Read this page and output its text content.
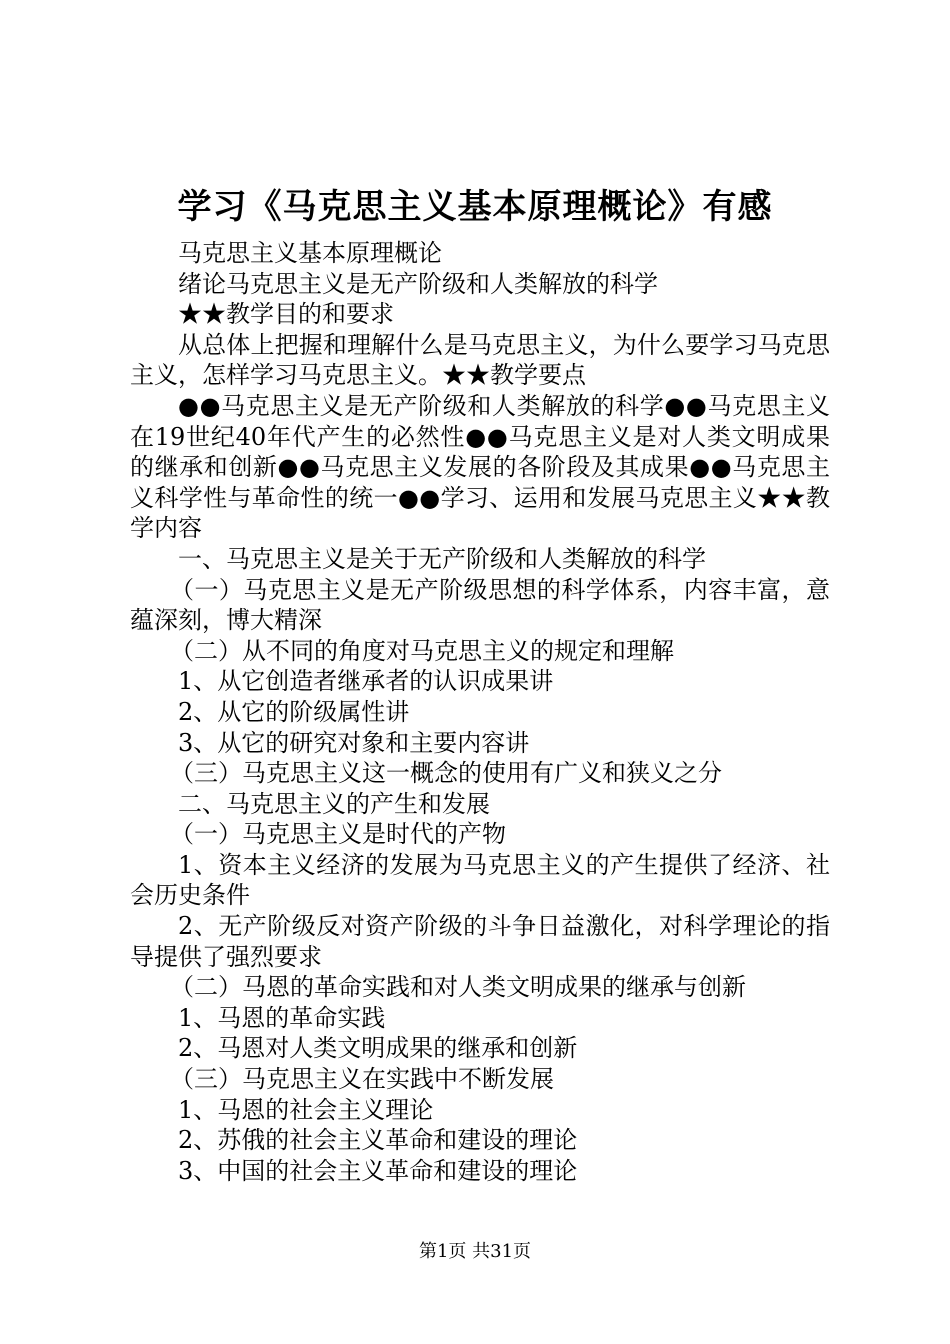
学习《马克思主义基本原理概论》有感

马克思主义基本原理概论

绪论马克思主义是无产阶级和人类解放的科学

★★教学目的和要求

从总体上把握和理解什么是马克思主义，为什么要学习马克思主义，怎样学习马克思主义。★★教学要点

●●马克思主义是无产阶级和人类解放的科学●●马克思主义在19世纪40年代产生的必然性●●马克思主义是对人类文明成果的继承和创新●●马克思主义发展的各阶段及其成果●●马克思主义科学性与革命性的统一●●学习、运用和发展马克思主义★★教学内容

一、马克思主义是关于无产阶级和人类解放的科学

（一）马克思主义是无产阶级思想的科学体系，内容丰富，意蕴深刻，博大精深

（二）从不同的角度对马克思主义的规定和理解

1、从它创造者继承者的认识成果讲

2、从它的阶级属性讲

3、从它的研究对象和主要内容讲

（三）马克思主义这一概念的使用有广义和狭义之分

二、马克思主义的产生和发展

（一）马克思主义是时代的产物

1、资本主义经济的发展为马克思主义的产生提供了经济、社会历史条件

2、无产阶级反对资产阶级的斗争日益激化，对科学理论的指导提供了强烈要求

（二）马恩的革命实践和对人类文明成果的继承与创新

1、马恩的革命实践

2、马恩对人类文明成果的继承和创新

（三）马克思主义在实践中不断发展

1、马恩的社会主义理论

2、苏俄的社会主义革命和建设的理论

3、中国的社会主义革命和建设的理论

第1页 共31页
